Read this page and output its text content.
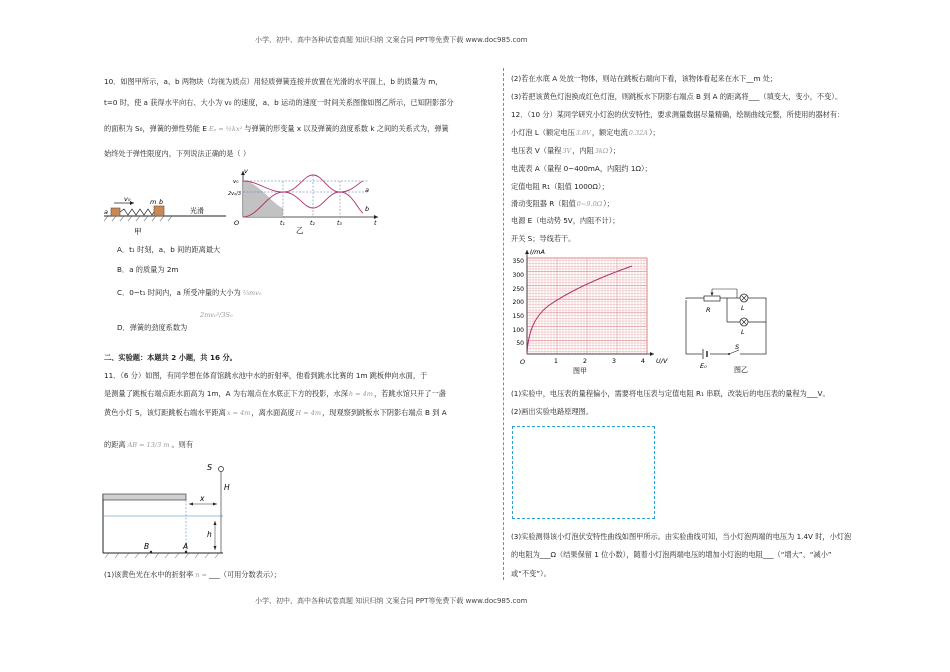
小学、初中、高中各种试卷真题 知识归纳 文案合同 PPT等免费下载 www.doc985.com
小学、初中、高中各种试卷真题 知识归纳 文案合同 PPT等免费下载 www.doc985.com
10．如图甲所示，a、b 两物块（均视为质点）用轻质弹簧连接并放置在光滑的水平面上，b 的质量为 m，
t=0 时，使 a 获得水平向右、大小为 v₀ 的速度，a、b 运动的速度一时间关系图像如图乙所示，已知阴影部分
的面积为 S₀，弹簧的弹性势能 E Eₚ = ½kx² 与弹簧的形变量 x 以及弹簧的劲度系数 k 之间的关系式为，弹簧
始终处于弹性限度内，下列说法正确的是（ ）
v₀
a
m b
光滑
甲
v
t
O
v₀
2v₀/3
t₁	t₂	t₃
a
b
乙
A．t₁ 时刻，a、b 间的距离最大
B．a 的质量为 2m
C．0~t₁ 时间内，a 所受冲量的大小为 ⅓mv₀
2mv₀²/3S₀
D．弹簧的劲度系数为
二、实验题：本题共 2 小题，共 16 分。
11．（6 分）如图，有同学想在体育馆跳水池中水的折射率，他看到跳水比赛的 1m 跳板伸向水面，于
是测量了跳板右端点距水面高为 1m，A 为右端点在水底正下方的投影，水深h = 4m，若跳水馆只开了一盏
黄色小灯 S，该灯距跳板右端水平距离x = 4m，离水面高度H = 4m，现观察到跳板水下阴影右端点 B 到 A
的距离 AB = 13/3 m 。则有
S
H
x
h
B	A
(1)该黄色光在水中的折射率 n = ___（可用分数表示）；
(2)若在水底 A 处放一物体，则站在跳板右端向下看，该物体看起来在水下__m 处；
(3)若把该黄色灯泡换成红色灯泡，则跳板水下阴影右端点 B 到 A 的距离将___（填变大，变小，不变）。
12．（10 分）某同学研究小灯泡的伏安特性，要求测量数据尽量精确，绘制曲线完整，所使用的器材有：
小灯泡 L（额定电压3.8V，额定电流0.32A）；
电压表 V（量程3V，内阻3kΩ）；
电流表 A（量程 0~400mA，内阻约 1Ω）；
定值电阻 R1（阻值 1000Ω）；
滑动变阻器 R（阻值0~9.0Ω）；
电源 E（电动势 5V，内阻不计）；
开关 S；导线若干。
I/mA
U/V
O
350
300
250
200
150
100
50
1	2	3	4
图甲
R	L
L
E₀
S
图乙
(1)实验中，电压表的量程偏小，需要将电压表与定值电阻 R₁ 串联，改装后的电压表的量程为___V。
(2)画出实验电路原理图。
(3)实验测得该小灯泡伏安特性曲线如图甲所示。由实验曲线可知，当小灯泡两端的电压为 1.4V 时，小灯泡
的电阻为___Ω（结果保留 1 位小数），随着小灯泡两端电压的增加小灯泡的电阻___（“增大”、“减小”
或“不变”）。
